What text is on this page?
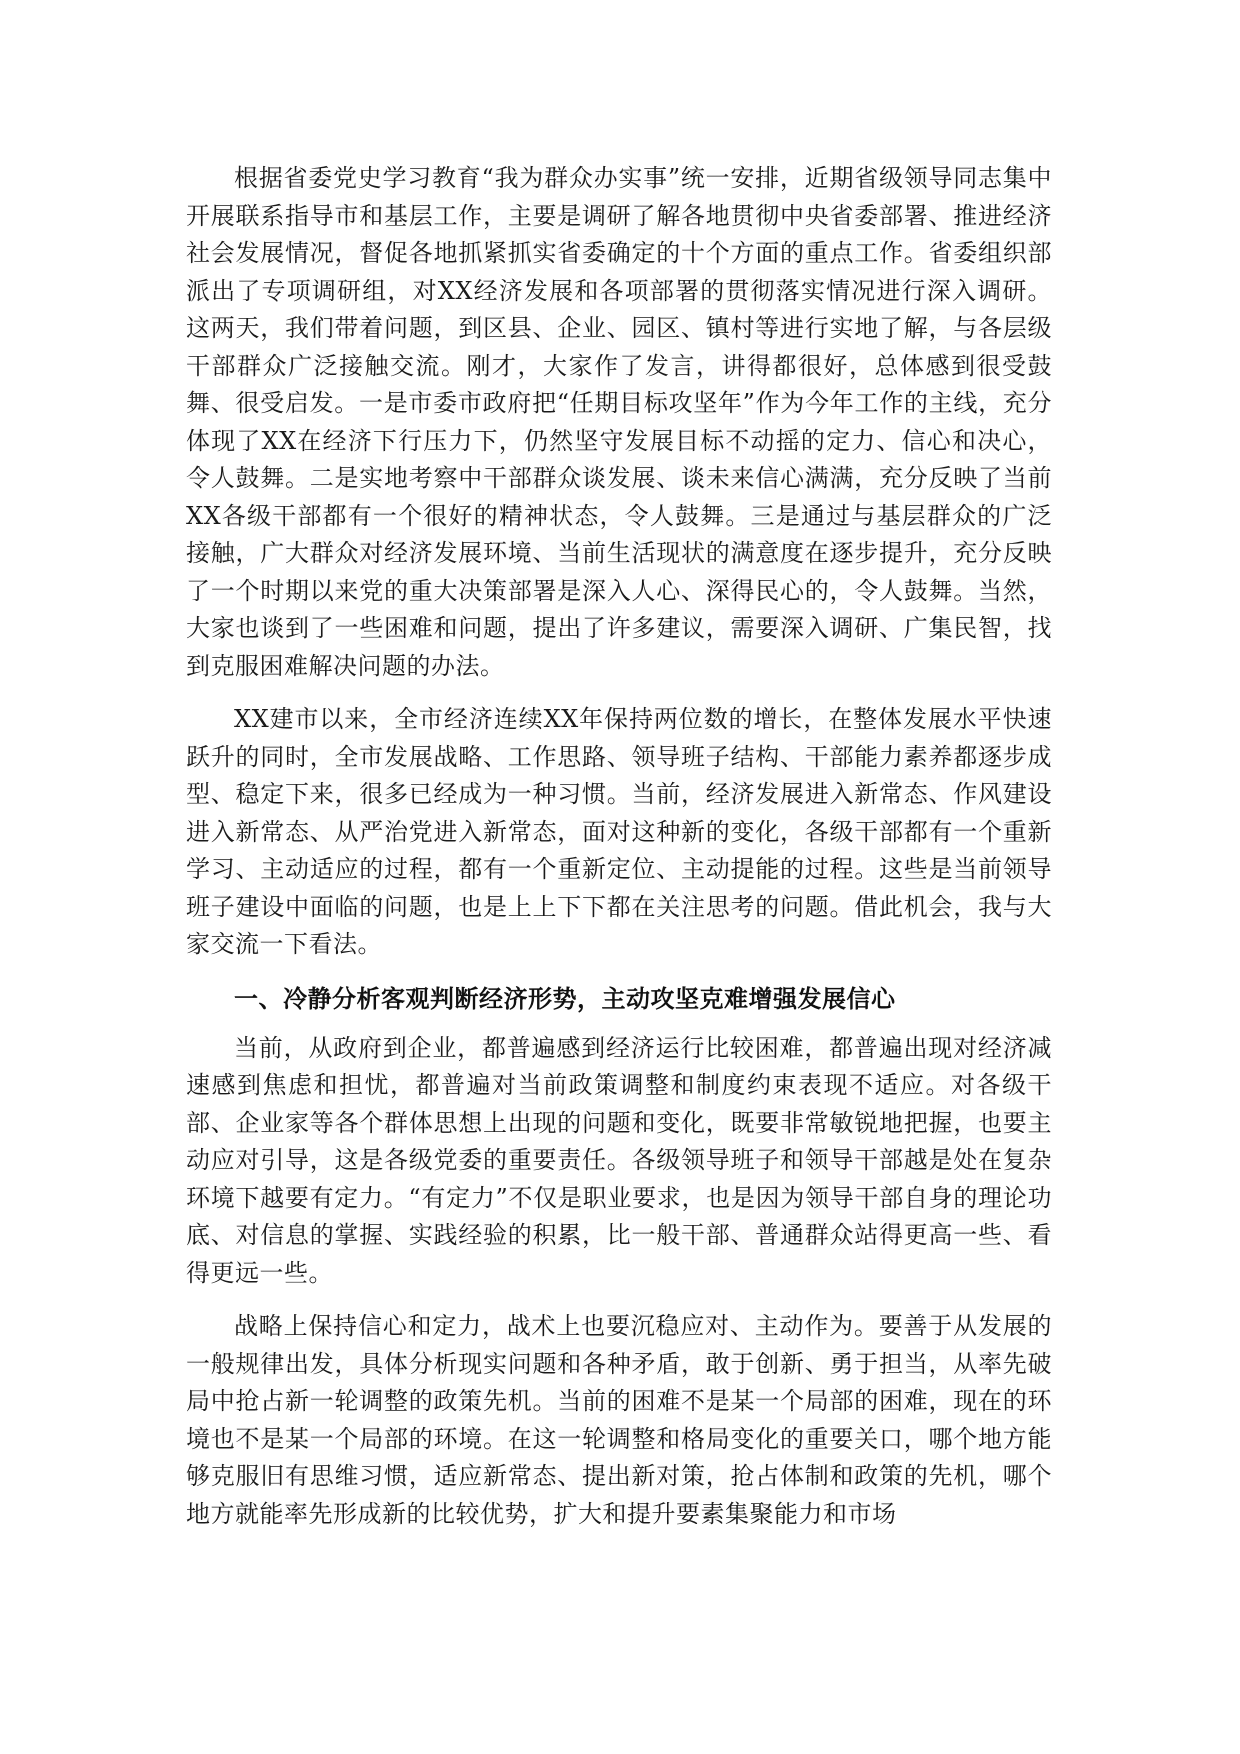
根据省委党史学习教育“我为群众办实事”统一安排，近期省级领导同志集中开展联系指导市和基层工作，主要是调研了解各地贯彻中央省委部署、推进经济社会发展情况，督促各地抓紧抓实省委确定的十个方面的重点工作。省委组织部派出了专项调研组，对XX经济发展和各项部署的贯彻落实情况进行深入调研。这两天，我们带着问题，到区县、企业、园区、镇村等进行实地了解，与各层级干部群众广泛接触交流。刚才，大家作了发言，讲得都很好，总体感到很受鼓舞、很受启发。一是市委市政府把“任期目标攻坚年”作为今年工作的主线，充分体现了XX在经济下行压力下，仍然坚守发展目标不动摇的定力、信心和决心，令人鼓舞。二是实地考察中干部群众谈发展、谈未来信心满满，充分反映了当前XX各级干部都有一个很好的精神状态，令人鼓舞。三是通过与基层群众的广泛接触，广大群众对经济发展环境、当前生活现状的满意度在逐步提升，充分反映了一个时期以来党的重大决策部署是深入人心、深得民心的，令人鼓舞。当然，大家也谈到了一些困难和问题，提出了许多建议，需要深入调研、广集民智，找到克服困难解决问题的办法。

XX建市以来，全市经济连续XX年保持两位数的增长，在整体发展水平快速跃升的同时，全市发展战略、工作思路、领导班子结构、干部能力素养都逐步成型、稳定下来，很多已经成为一种习惯。当前，经济发展进入新常态、作风建设进入新常态、从严治党进入新常态，面对这种新的变化，各级干部都有一个重新学习、主动适应的过程，都有一个重新定位、主动提能的过程。这些是当前领导班子建设中面临的问题，也是上上下下都在关注思考的问题。借此机会，我与大家交流一下看法。

一、冷静分析客观判断经济形势，主动攻坚克难增强发展信心

当前，从政府到企业，都普遍感到经济运行比较困难，都普遍出现对经济减速感到焦虑和担忧，都普遍对当前政策调整和制度约束表现不适应。对各级干部、企业家等各个群体思想上出现的问题和变化，既要非常敏锐地把握，也要主动应对引导，这是各级党委的重要责任。各级领导班子和领导干部越是处在复杂环境下越要有定力。“有定力”不仅是职业要求，也是因为领导干部自身的理论功底、对信息的掌握、实践经验的积累，比一般干部、普通群众站得更高一些、看得更远一些。

战略上保持信心和定力，战术上也要沉稳应对、主动作为。要善于从发展的一般规律出发，具体分析现实问题和各种矛盾，敢于创新、勇于担当，从率先破局中抢占新一轮调整的政策先机。当前的困难不是某一个局部的困难，现在的环境也不是某一个局部的环境。在这一轮调整和格局变化的重要关口，哪个地方能够克服旧有思维习惯，适应新常态、提出新对策，抢占体制和政策的先机，哪个地方就能率先形成新的比较优势，扩大和提升要素集聚能力和市场
